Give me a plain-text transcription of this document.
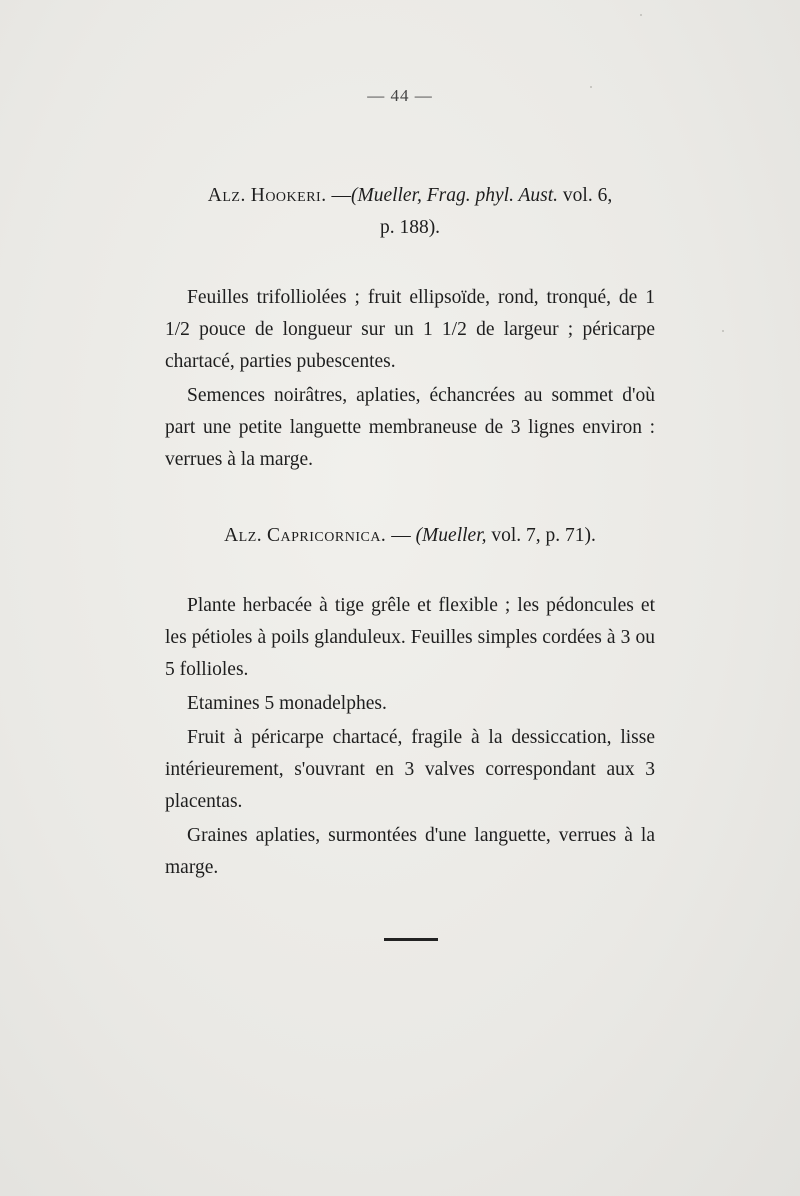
— 44 —
Alz. Hookeri. —(Mueller, Frag. phyl. Aust. vol. 6,
p. 188).

Feuilles trifolliolées ; fruit ellipsoïde, rond, tronqué, de 1 1/2 pouce de longueur sur un 1 1/2 de largeur ; péricarpe chartacé, parties pubescentes.

Semences noirâtres, aplaties, échancrées au sommet d'où part une petite languette membraneuse de 3 lignes environ : verrues à la marge.

Alz. Capricornica. — (Mueller, vol. 7, p. 71).

Plante herbacée à tige grêle et flexible ; les pédoncules et les pétioles à poils glanduleux. Feuilles simples cordées à 3 ou 5 follioles.

Etamines 5 monadelphes.

Fruit à péricarpe chartacé, fragile à la dessiccation, lisse intérieurement, s'ouvrant en 3 valves correspondant aux 3 placentas.

Graines aplaties, surmontées d'une languette, verrues à la marge.
